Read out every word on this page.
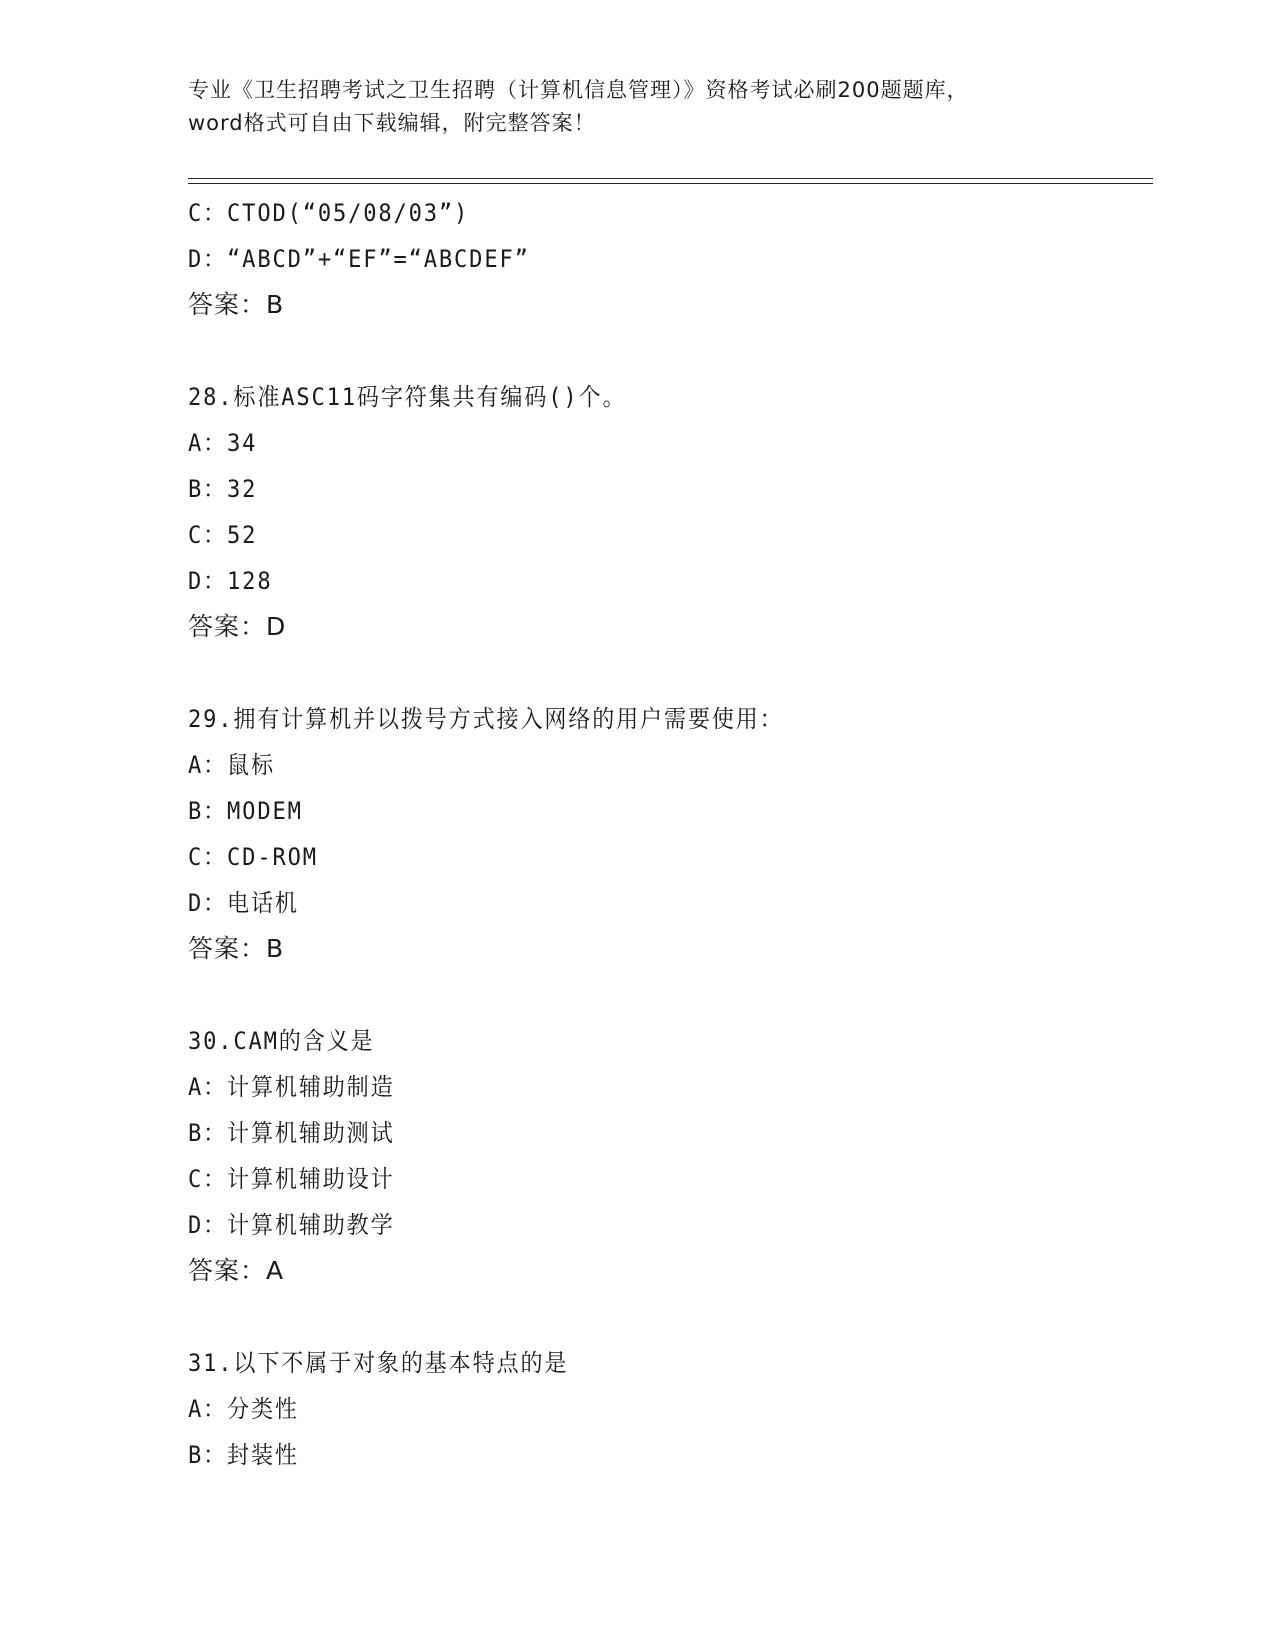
专业《卫生招聘考试之卫生招聘（计算机信息管理）》资格考试必刷200题题库，
word格式可自由下载编辑，附完整答案！
C：CTOD(“05/08/03”)
D：“ABCD”+“EF”=“ABCDEF”
答案：B
28.标准ASC11码字符集共有编码()个。
A：34
B：32
C：52
D：128
答案：D
29.拥有计算机并以拨号方式接入网络的用户需要使用：
A：鼠标
B：MODEM
C：CD-ROM
D：电话机
答案：B
30.CAM的含义是
A：计算机辅助制造
B：计算机辅助测试
C：计算机辅助设计
D：计算机辅助教学
答案：A
31.以下不属于对象的基本特点的是
A：分类性
B：封装性
